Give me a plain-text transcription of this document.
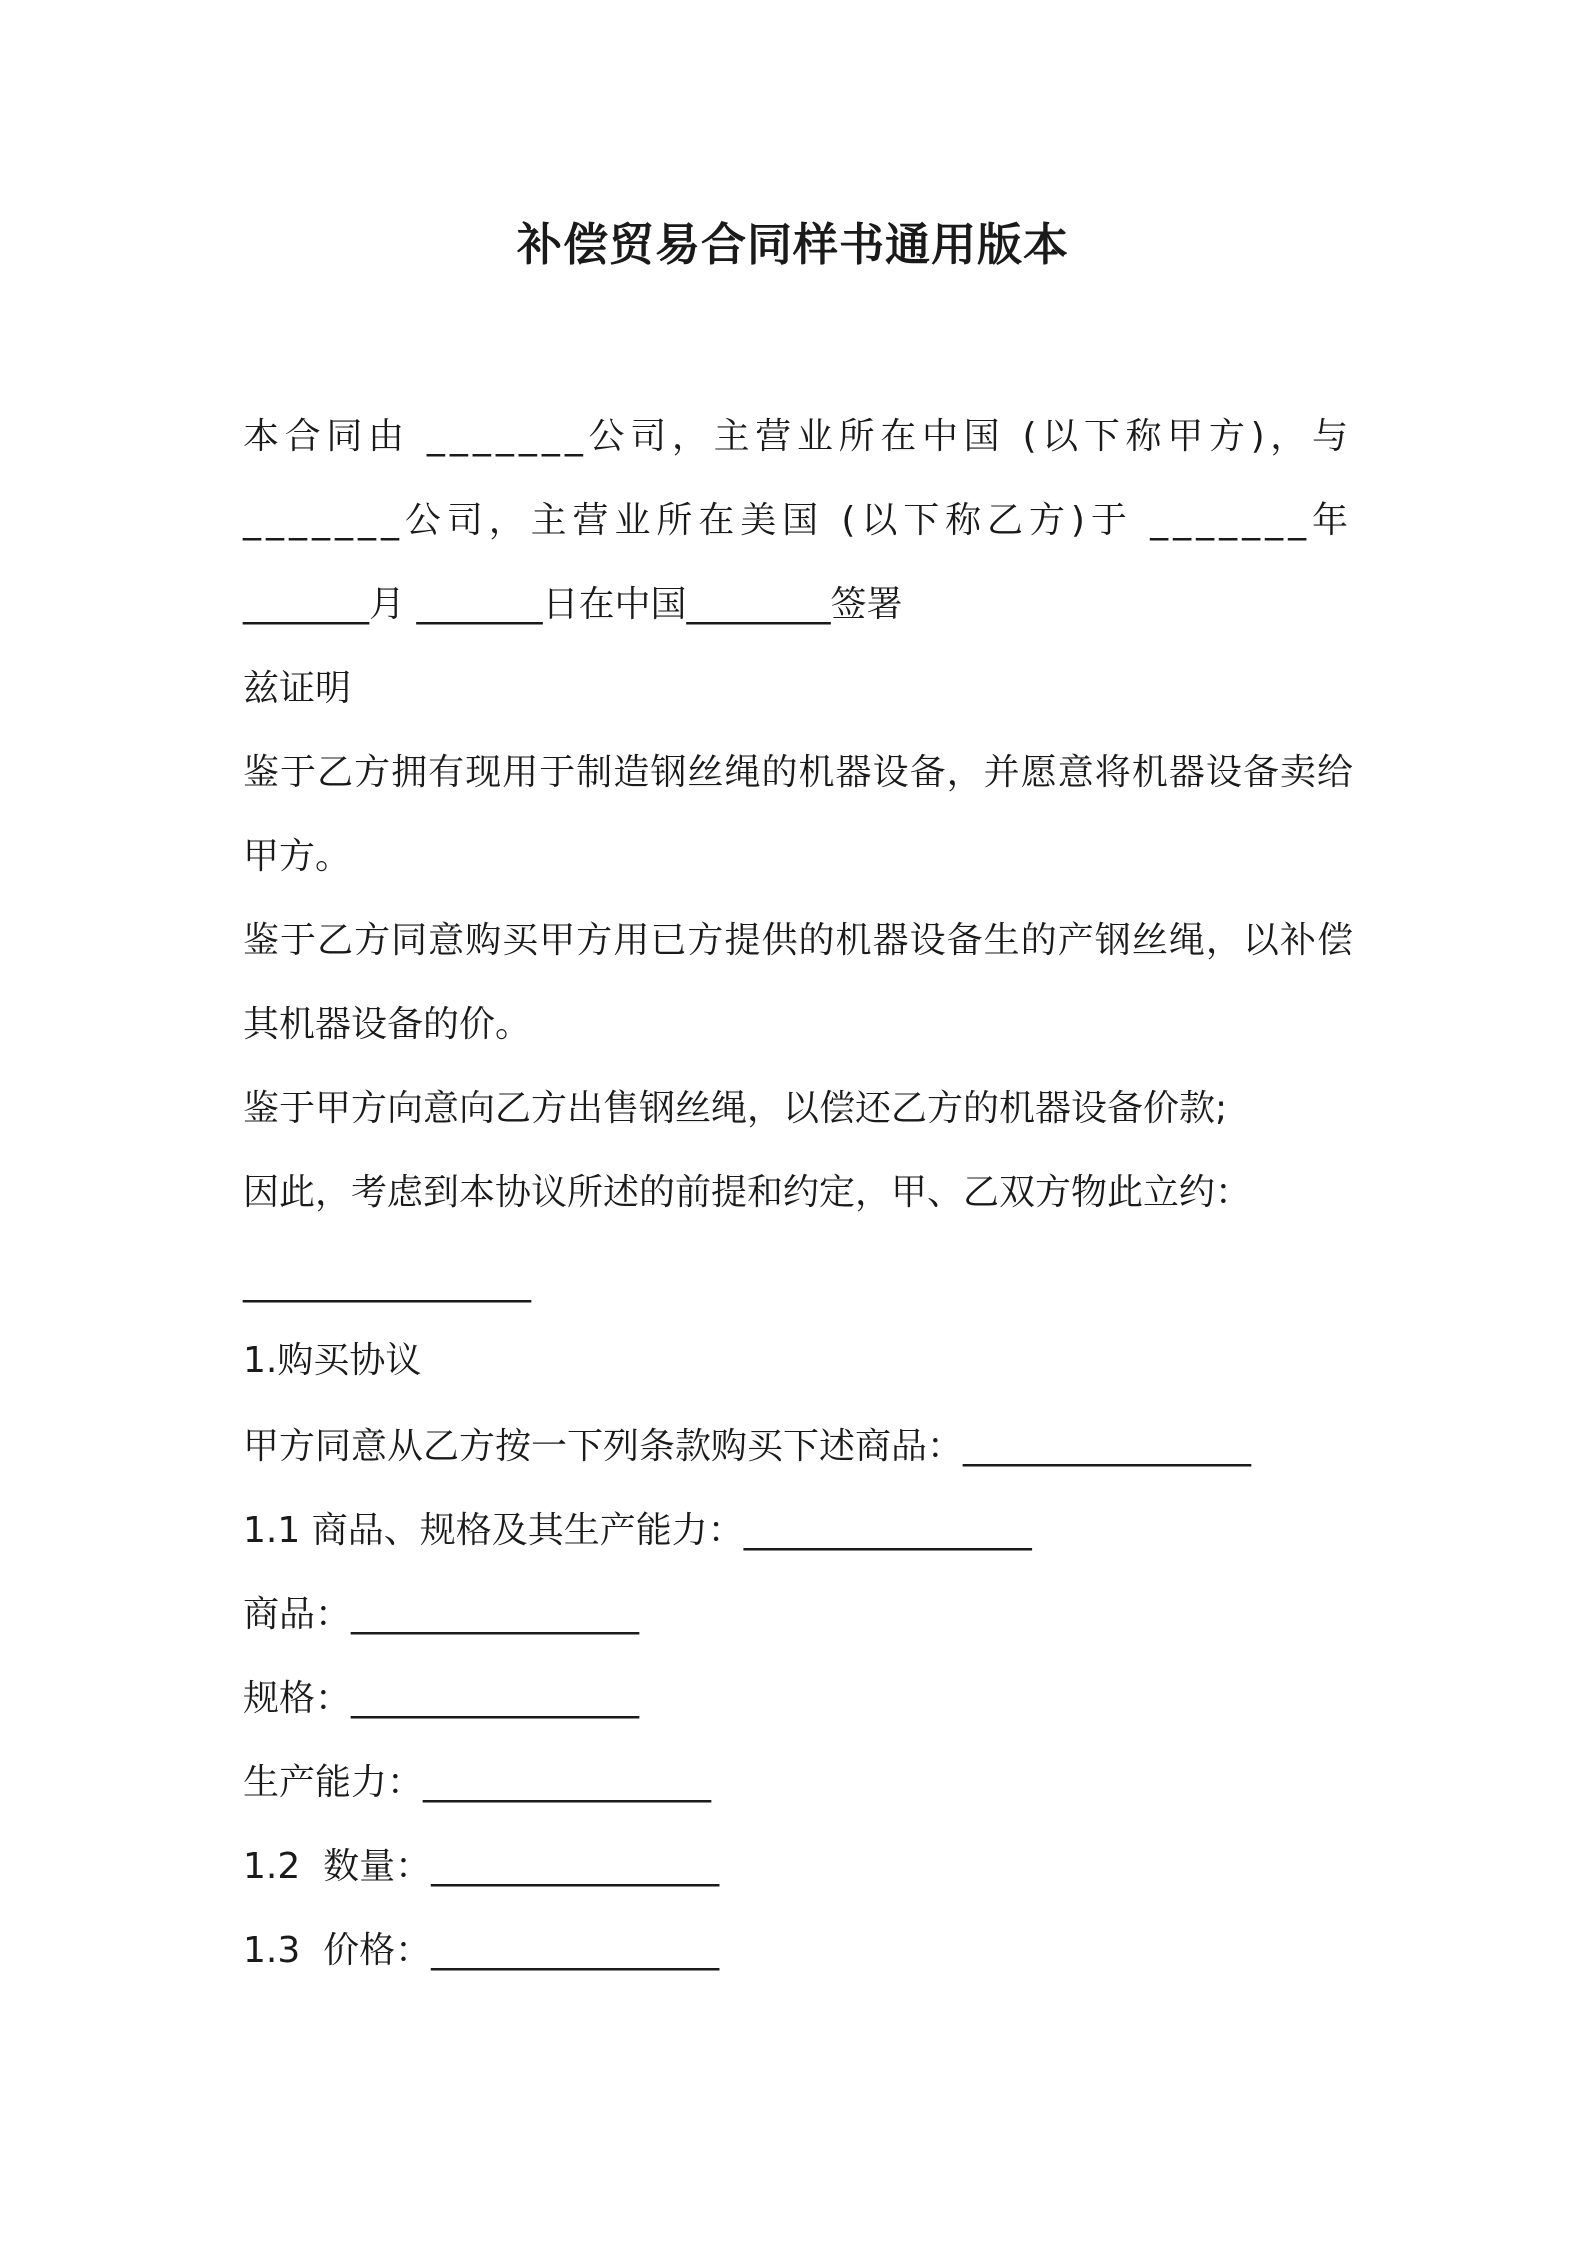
补偿贸易合同样书通用版本
本合同由 _______公司，主营业所在中国 (以下称甲方)，与
_______公司，主营业所在美国 (以下称乙方)于 _______年
_______月 _______日在中国________签署
兹证明
鉴于乙方拥有现用于制造钢丝绳的机器设备，并愿意将机器设备卖给
甲方。
鉴于乙方同意购买甲方用已方提供的机器设备生的产钢丝绳，以补偿
其机器设备的价。
鉴于甲方向意向乙方出售钢丝绳，以偿还乙方的机器设备价款;
因此，考虑到本协议所述的前提和约定，甲、乙双方物此立约：
________________
1.购买协议
甲方同意从乙方按一下列条款购买下述商品：________________
1.1 商品、规格及其生产能力：________________
商品：________________
规格：________________
生产能力：________________
1.2  数量：________________
1.3  价格：________________
